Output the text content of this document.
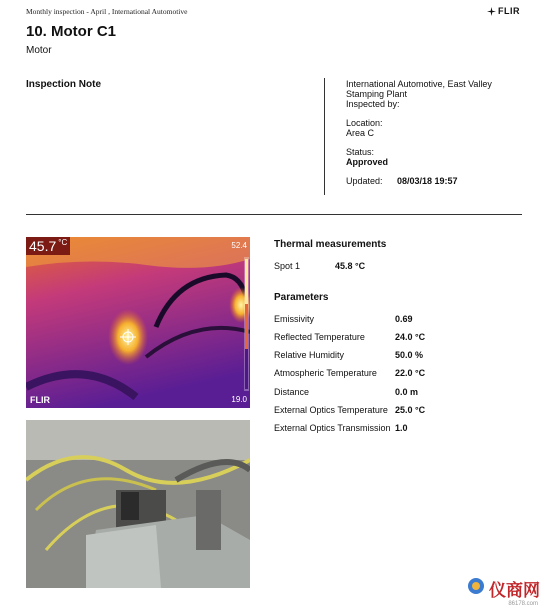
Monthly inspection - April , International Automotive	FLIR
10. Motor C1
Motor
Inspection Note	International Automotive, East Valley
Stamping Plant
Inspected by:
Location:
Area C
Status:
Approved
Updated:	08/03/18 19:57
45.7 °C	52.4
19.0
FLIR
Thermal measurements
Spot 1	45.8 °C
Parameters
Emissivity	0.69
Reflected Temperature	24.0 °C
Relative Humidity	50.0 %
Atmospheric Temperature	22.0 °C
Distance	0.0 m
External Optics Temperature 25.0 °C
External Optics Transmission 1.0
仪商网
86178.com
